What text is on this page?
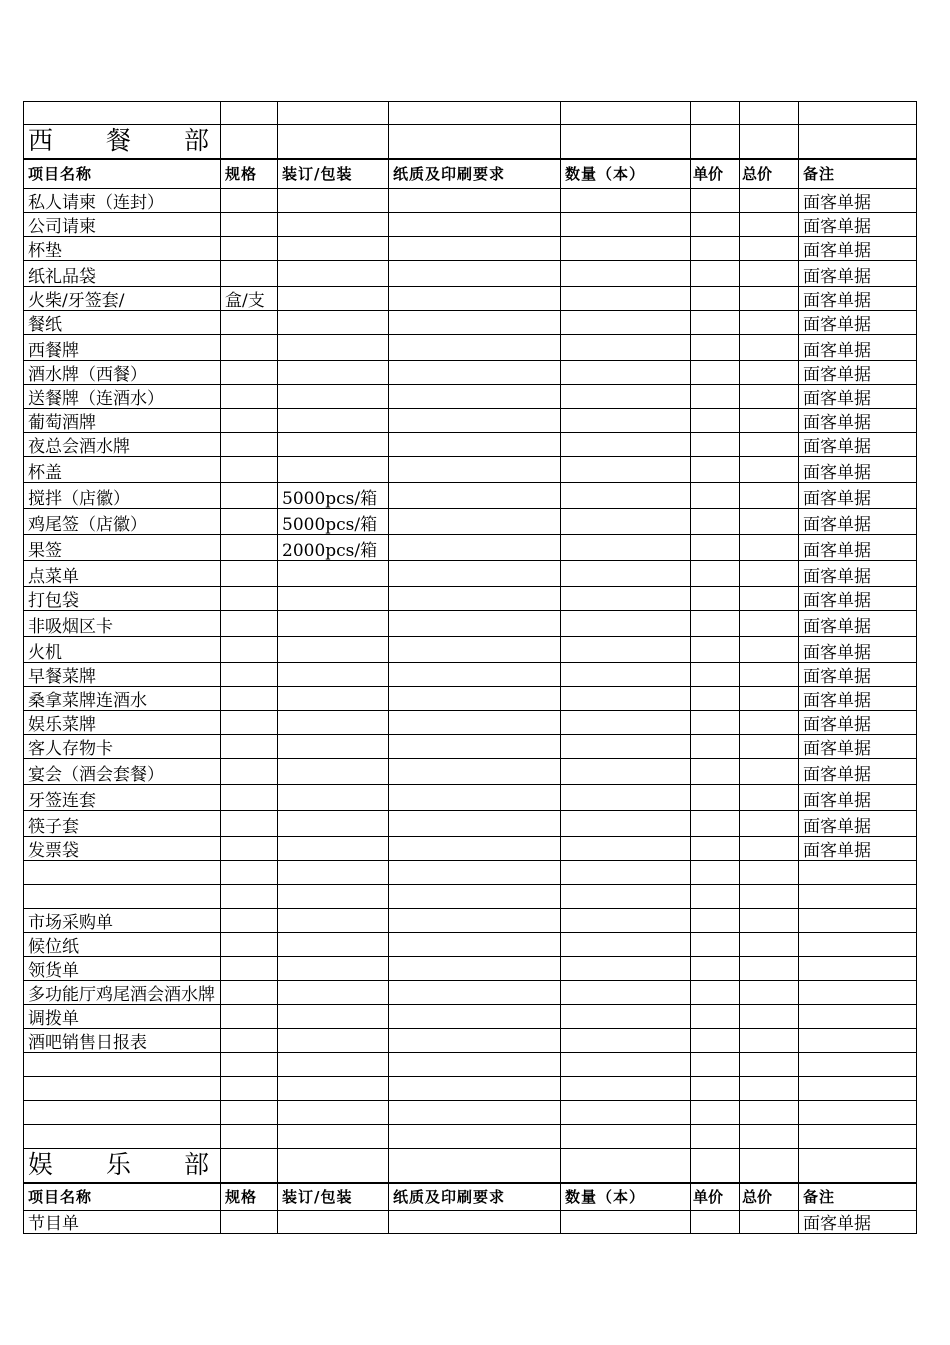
西　餐　部							
项目名称	规格	装订/包装	纸质及印刷要求	数量（本）	单价	总价	备注
私人请柬（连封）							面客单据
公司请柬							面客单据
杯垫							面客单据
纸礼品袋							面客单据
火柴/牙签套/	盒/支						面客单据
餐纸							面客单据
西餐牌							面客单据
酒水牌（西餐）							面客单据
送餐牌（连酒水）							面客单据
葡萄酒牌							面客单据
夜总会酒水牌							面客单据
杯盖							面客单据
搅拌（店徽）		5000pcs/箱					面客单据
鸡尾签（店徽）		5000pcs/箱					面客单据
果签		2000pcs/箱					面客单据
点菜单							面客单据
打包袋							面客单据
非吸烟区卡							面客单据
火机							面客单据
早餐菜牌							面客单据
桑拿菜牌连酒水							面客单据
娱乐菜牌							面客单据
客人存物卡							面客单据
宴会（酒会套餐）							面客单据
牙签连套							面客单据
筷子套							面客单据
发票袋							面客单据

市场采购单							
候位纸							
领货单							
多功能厅鸡尾酒会酒水牌							
调拨单							
酒吧销售日报表							

娱　乐　部							
项目名称	规格	装订/包装	纸质及印刷要求	数量（本）	单价	总价	备注
节目单							面客单据
